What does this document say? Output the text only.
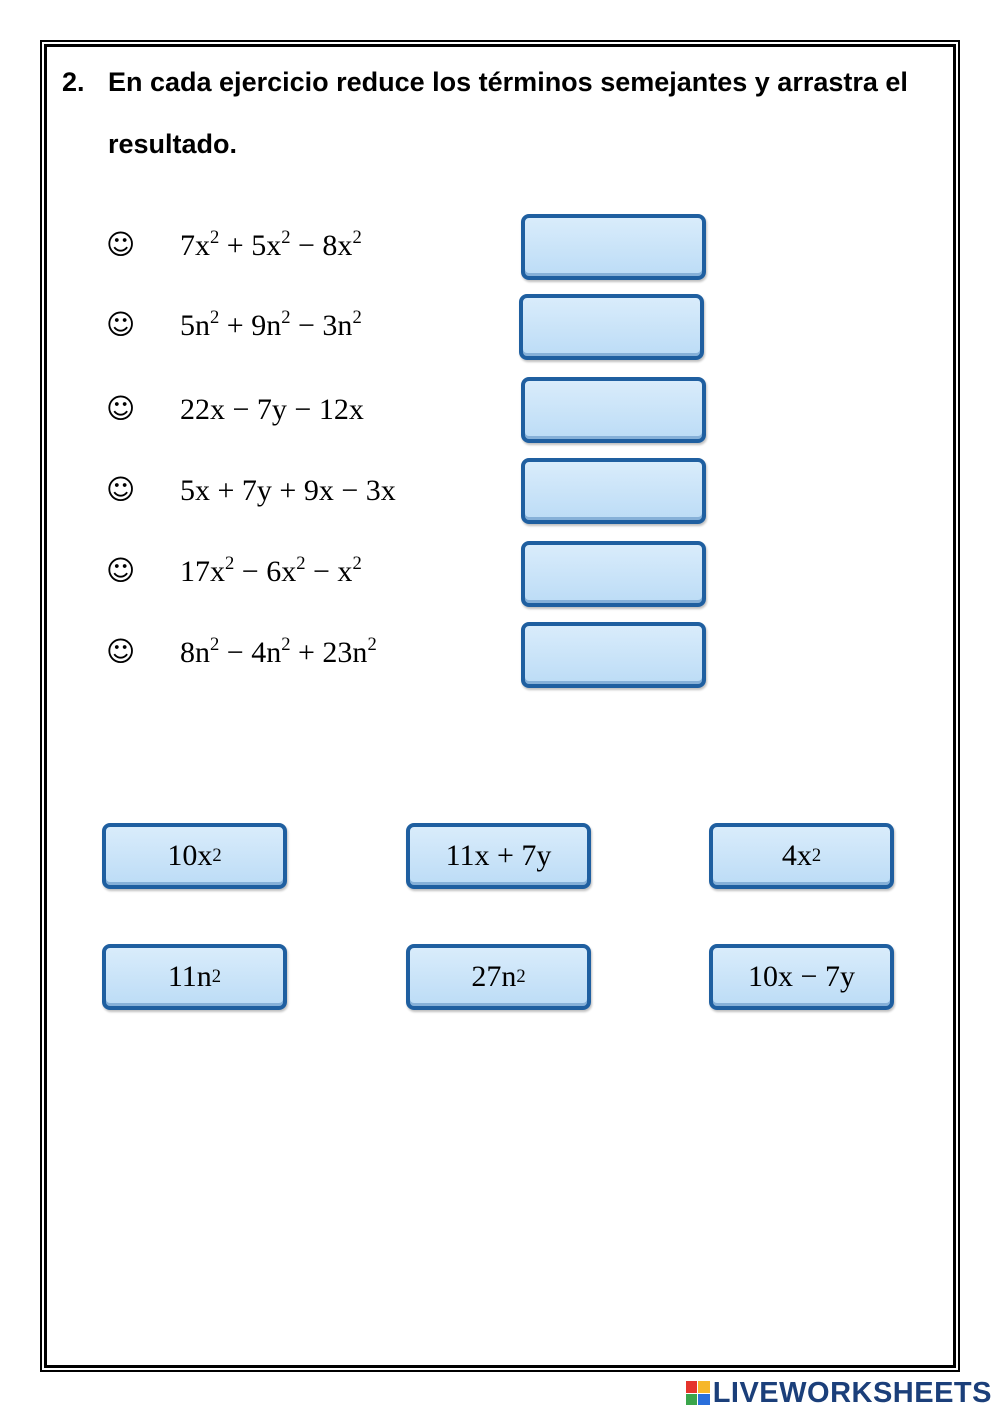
2. En cada ejercicio reduce los términos semejantes y arrastra el resultado.
☺ $7x^2 + 5x^2 - 8x^2$
☺ $5n^2 + 9n^2 - 3n^2$
☺ 22x − 7y − 12x
☺ 5x + 7y + 9x − 3x
☺ $17x^2 - 6x^2 - x^2$
☺ $8n^2 - 4n^2 + 23n^2$
10x 2	11x + 7y	4x 2
11n 2	27n 2	10x − 7y
LIVEWORKSHEETS
